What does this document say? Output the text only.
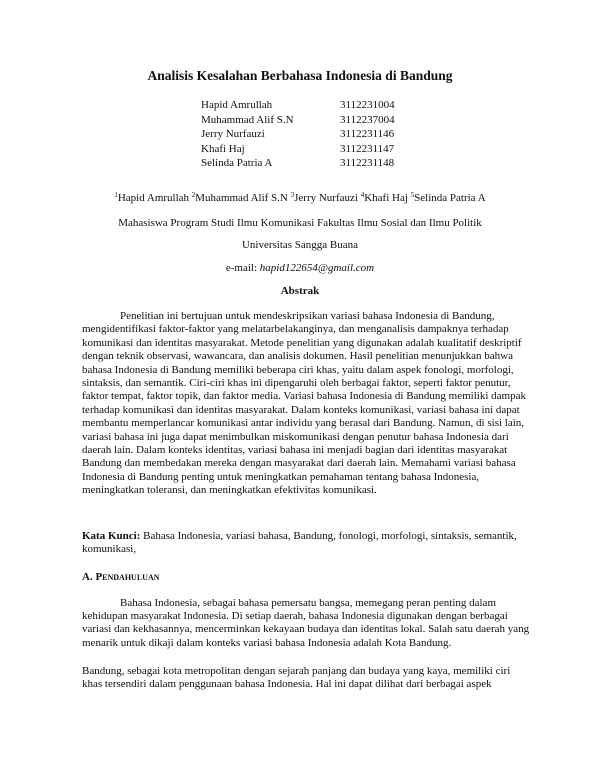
Analisis Kesalahan Berbahasa Indonesia di Bandung
Hapid Amrullah	3112231004
Muhammad Alif S.N	3112237004
Jerry Nurfauzi	3112231146
Khafi Haj	3112231147
Selinda Patria A	3112231148
$^1$Hapid Amrullah $^2$Muhammad Alif S.N $^3$Jerry Nurfauzi $^4$Khafi Haj $^5$Selinda Patria A
Mahasiswa Program Studi Ilmu Komunikasi Fakultas Ilmu Sosial dan Ilmu Politik
Universitas Sangga Buana
e-mail: hapid122654@gmail.com
Abstrak
Penelitian ini bertujuan untuk mendeskripsikan variasi bahasa Indonesia di Bandung, mengidentifikasi faktor-faktor yang melatarbelakanginya, dan menganalisis dampaknya terhadap komunikasi dan identitas masyarakat. Metode penelitian yang digunakan adalah kualitatif deskriptif dengan teknik observasi, wawancara, dan analisis dokumen. Hasil penelitian menunjukkan bahwa bahasa Indonesia di Bandung memiliki beberapa ciri khas, yaitu dalam aspek fonologi, morfologi, sintaksis, dan semantik. Ciri-ciri khas ini dipengaruhi oleh berbagai faktor, seperti faktor penutur, faktor tempat, faktor topik, dan faktor media. Variasi bahasa Indonesia di Bandung memiliki dampak terhadap komunikasi dan identitas masyarakat. Dalam konteks komunikasi, variasi bahasa ini dapat membantu memperlancar komunikasi antar individu yang berasal dari Bandung. Namun, di sisi lain, variasi bahasa ini juga dapat menimbulkan miskomunikasi dengan penutur bahasa Indonesia dari daerah lain. Dalam konteks identitas, variasi bahasa ini menjadi bagian dari identitas masyarakat Bandung dan membedakan mereka dengan masyarakat dari daerah lain. Memahami variasi bahasa Indonesia di Bandung penting untuk meningkatkan pemahaman tentang bahasa Indonesia, meningkatkan toleransi, dan meningkatkan efektivitas komunikasi.
Kata Kunci: Bahasa Indonesia, variasi bahasa, Bandung, fonologi, morfologi, sintaksis, semantik, komunikasi,
A. Pendahuluan
Bahasa Indonesia, sebagai bahasa pemersatu bangsa, memegang peran penting dalam kehidupan masyarakat Indonesia. Di setiap daerah, bahasa Indonesia digunakan dengan berbagai variasi dan kekhasannya, mencerminkan kekayaan budaya dan identitas lokal. Salah satu daerah yang menarik untuk dikaji dalam konteks variasi bahasa Indonesia adalah Kota Bandung.
Bandung, sebagai kota metropolitan dengan sejarah panjang dan budaya yang kaya, memiliki ciri khas tersendiri dalam penggunaan bahasa Indonesia. Hal ini dapat dilihat dari berbagai aspek
